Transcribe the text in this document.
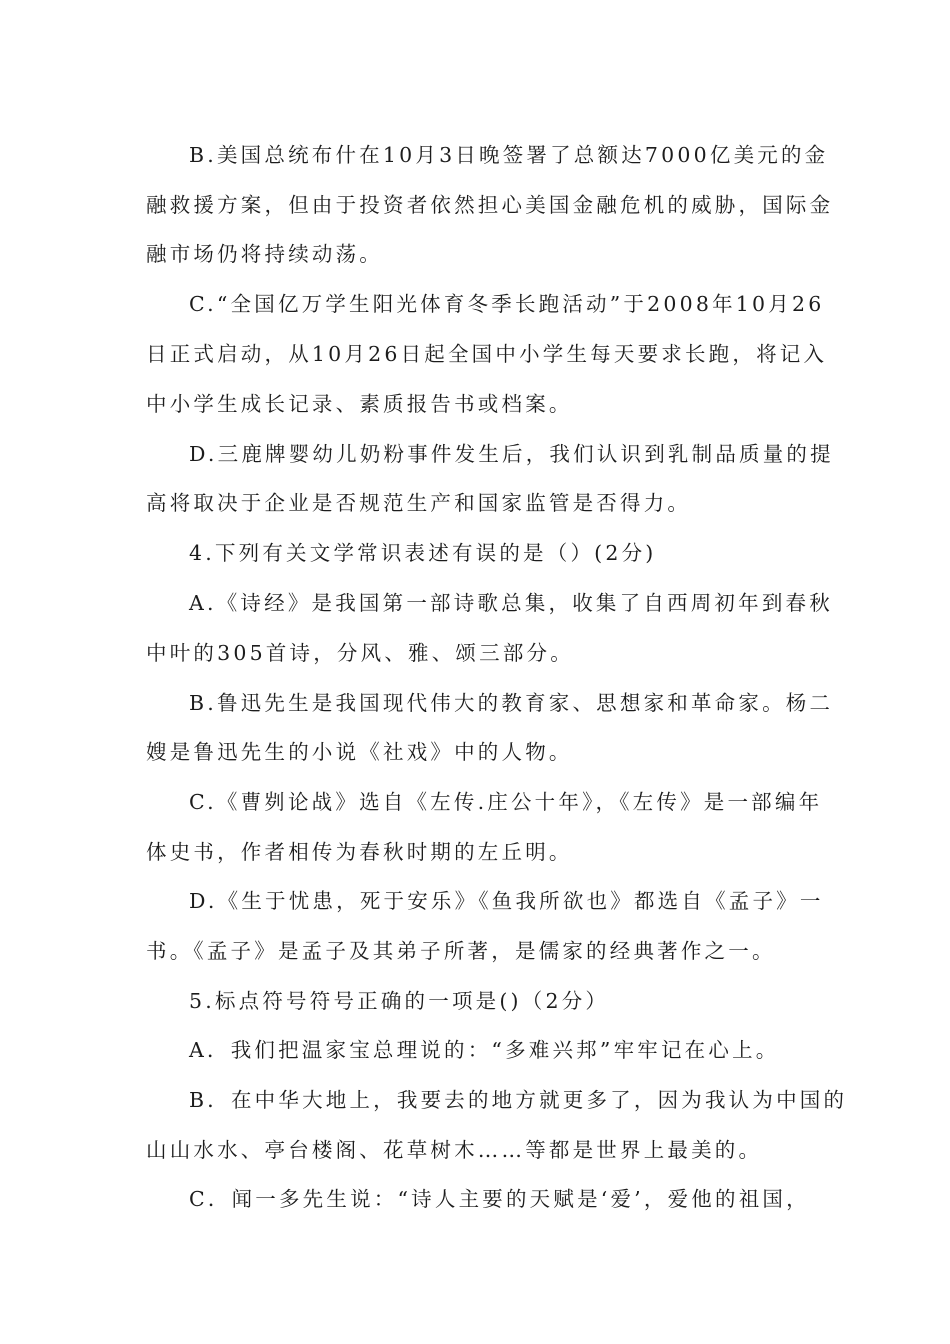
B.美国总统布什在10月3日晚签署了总额达7000亿美元的金
融救援方案，但由于投资者依然担心美国金融危机的威胁，国际金
融市场仍将持续动荡。
C.“全国亿万学生阳光体育冬季长跑活动”于2008年10月26
日正式启动，从10月26日起全国中小学生每天要求长跑，将记入
中小学生成长记录、素质报告书或档案。
D.三鹿牌婴幼儿奶粉事件发生后，我们认识到乳制品质量的提
高将取决于企业是否规范生产和国家监管是否得力。
4.下列有关文学常识表述有误的是（）(2分)
A.《诗经》是我国第一部诗歌总集，收集了自西周初年到春秋
中叶的305首诗，分风、雅、颂三部分。
B.鲁迅先生是我国现代伟大的教育家、思想家和革命家。杨二
嫂是鲁迅先生的小说《社戏》中的人物。
C.《曹刿论战》选自《左传.庄公十年》，《左传》是一部编年
体史书，作者相传为春秋时期的左丘明。
D.《生于忧患，死于安乐》《鱼我所欲也》都选自《孟子》一
书。《孟子》是孟子及其弟子所著，是儒家的经典著作之一。
5.标点符号符号正确的一项是()（2分）
A．我们把温家宝总理说的：“多难兴邦”牢牢记在心上。
B．在中华大地上，我要去的地方就更多了，因为我认为中国的
山山水水、亭台楼阁、花草树木……等都是世界上最美的。
C．闻一多先生说：“诗人主要的天赋是‘爱’，爱他的祖国，
